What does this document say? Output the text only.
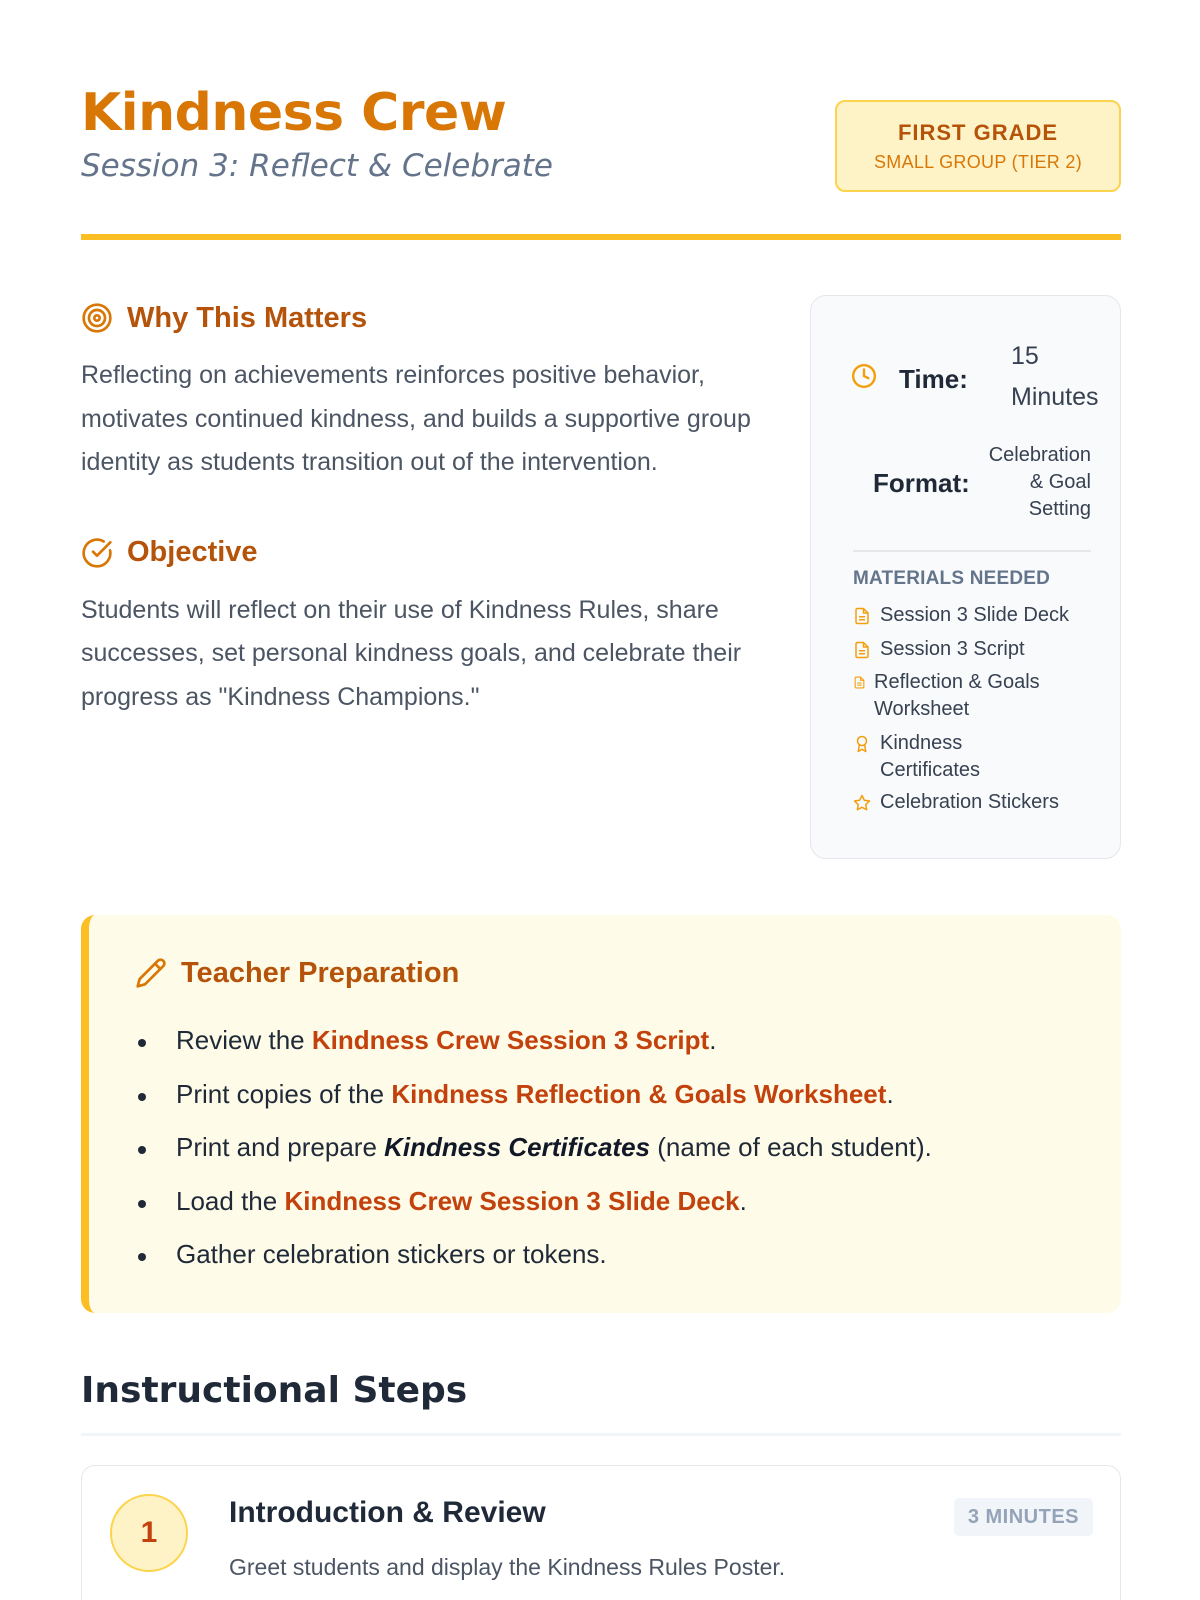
Kindness Crew
Session 3: Reflect & Celebrate
FIRST GRADE
SMALL GROUP (TIER 2)
Why This Matters
Reflecting on achievements reinforces positive behavior, motivates continued kindness, and builds a supportive group identity as students transition out of the intervention.
Objective
Students will reflect on their use of Kindness Rules, share successes, set personal kindness goals, and celebrate their progress as "Kindness Champions."
Time:
15 Minutes
Format:
Celebration & Goal Setting
MATERIALS NEEDED
Session 3 Slide Deck
Session 3 Script
Reflection & Goals Worksheet
Kindness Certificates
Celebration Stickers
Teacher Preparation
Review the Kindness Crew Session 3 Script.
Print copies of the Kindness Reflection & Goals Worksheet.
Print and prepare Kindness Certificates (name of each student).
Load the Kindness Crew Session 3 Slide Deck.
Gather celebration stickers or tokens.
Instructional Steps
1
Introduction & Review	3 MINUTES
Greet students and display the Kindness Rules Poster.
